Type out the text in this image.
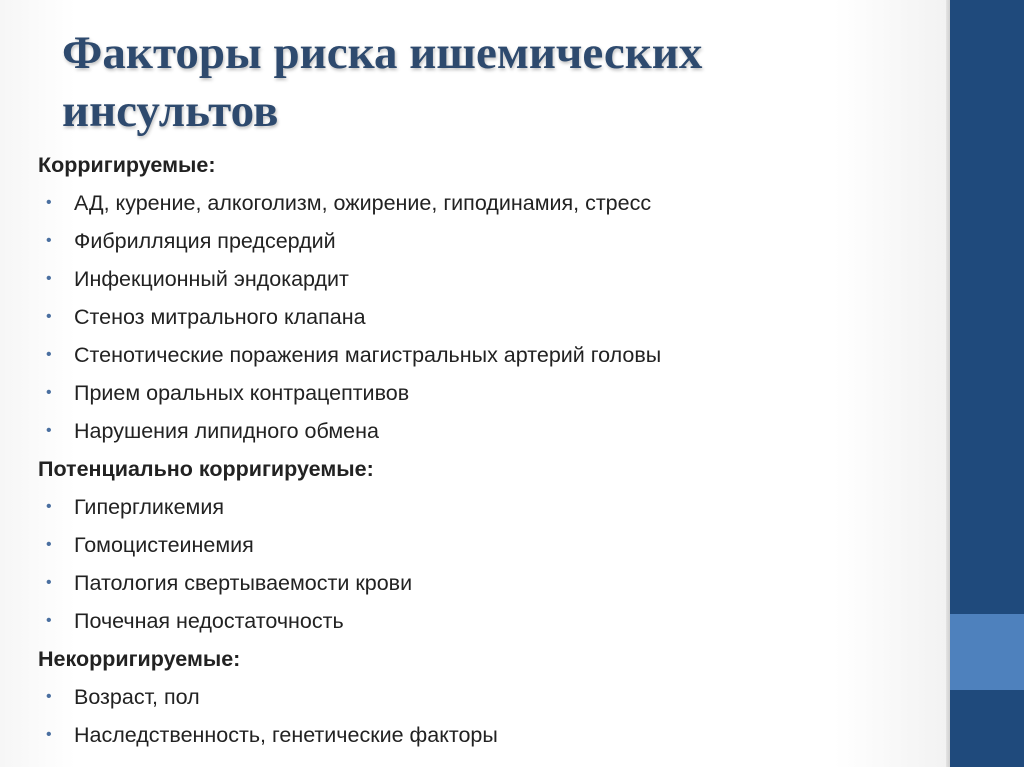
Факторы риска ишемических инсультов
Корригируемые:
• АД, курение, алкоголизм, ожирение, гиподинамия, стресс
• Фибрилляция предсердий
• Инфекционный эндокардит
• Стеноз митрального клапана
• Стенотические поражения магистральных артерий головы
• Прием оральных контрацептивов
• Нарушения липидного обмена
Потенциально корригируемые:
• Гипергликемия
• Гомоцистеинемия
• Патология свертываемости крови
• Почечная недостаточность
Некорригируемые:
• Возраст, пол
• Наследственность, генетические факторы
